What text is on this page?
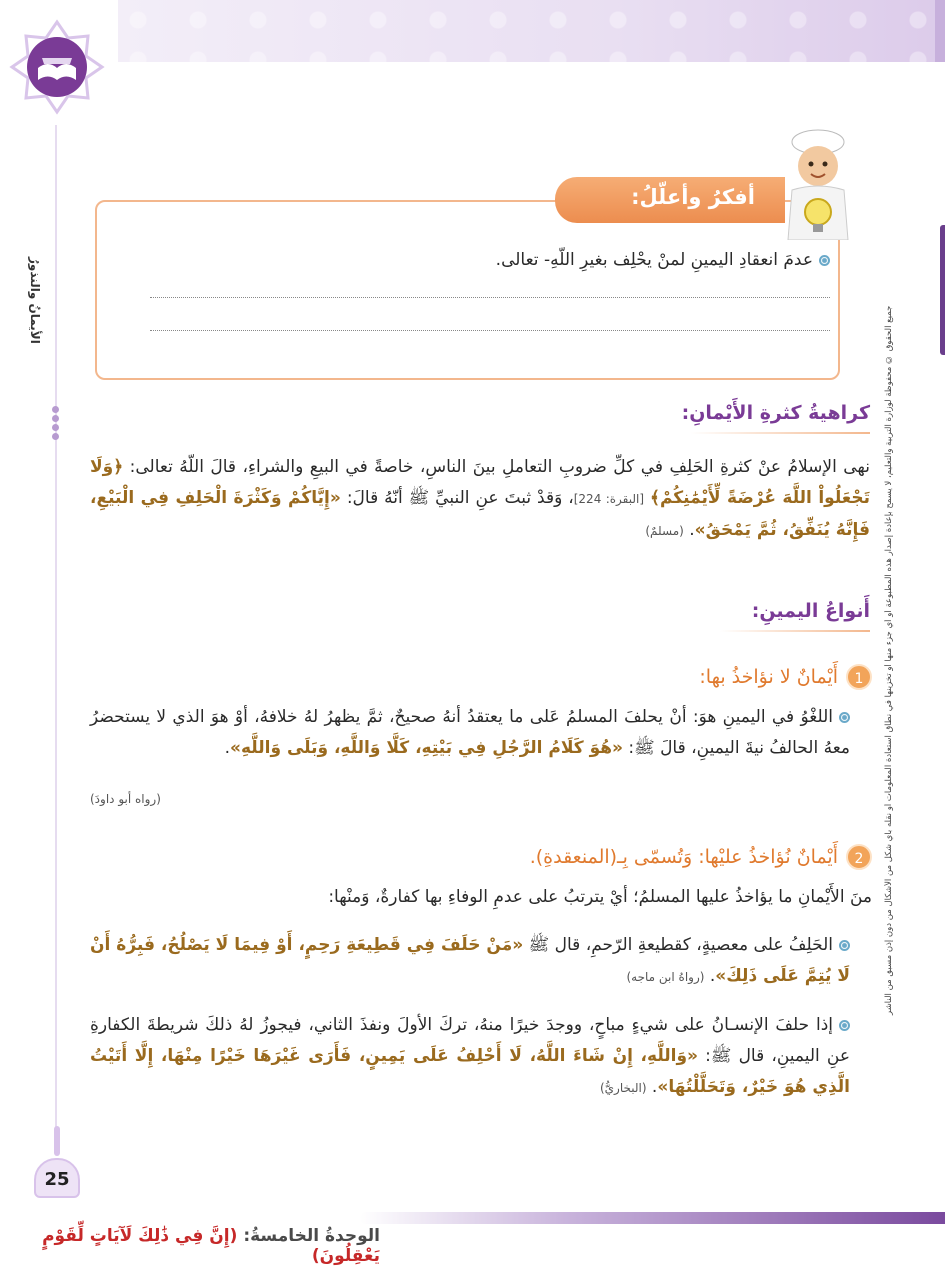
الأيمانُ والنذورُ
جميع الحقوق © محفوظة لوزارة التربية والتعليم، لا يسمح بإعادة إصدار هذه المطبوعة أو أي جزء منها أو تخزينها في نطاق استعادة المعلومات أو نقله بأي شكل من الأشكال من دون إذن مسبق من الناشر
أفكرُ وأعلّلُ:
عدمَ انعقادِ اليمينِ لمنْ يحْلِف بغيرِ اللّهِ- تعالى.
كراهيةُ كثرةِ الأَيْمانِ:
نهى الإسلامُ عنْ كثرةِ الحَلِفِ في كلِّ ضروبِ التعاملِ بينَ الناسِ، خاصةً في البيعِ والشراءِ، قالَ اللّهُ تعالى: ﴿وَلَا تَجْعَلُواْ اللَّهَ عُرْضَةً لِّأَيْمَٰنِكُمْ﴾ [البقرة: 224]، وَقدْ ثبتَ عنِ النبيِّ ﷺ أنّهُ قالَ: «إِيَّاكُمْ وَكَثْرَةَ الْحَلِفِ فِي الْبَيْعِ، فَإِنَّهُ يُنَفِّقُ، ثُمَّ يَمْحَقُ». (مسلمٌ)
أَنواعُ اليمينِ:
1أَيْمانٌ لا نؤاخذُ بها:
اللغْوُ في اليمينِ هوَ: أنْ يحلفَ المسلمُ عَلى ما يعتقدُ أنهُ صحيحٌ، ثمَّ يظهرُ لهُ خلافهُ، أوْ هوَ الذي لا يستحضرُ معهُ الحالفُ نيةَ اليمينِ، قالَ ﷺ: «هُوَ كَلَامُ الرَّجُلِ فِي بَيْتِهِ، كَلَّا وَاللَّهِ، وَبَلَى وَاللَّهِ».
(رواه أبو داودَ)
2أَيْمانٌ نُؤاخذُ عليْها: وَتُسمّى بِـ(المنعقدةِ).
منَ الأَيْمانِ ما يؤاخذُ عليها المسلمُ؛ أيْ يترتبُ على عدمِ الوفاءِ بها كفارةٌ، وَمنْها:
الحَلِفُ على معصيةٍ، كقطيعةِ الرّحمِ، قال ﷺ «مَنْ حَلَفَ فِي قَطِيعَةِ رَحِمٍ، أَوْ فِيمَا لَا يَصْلُحُ، فَبِرُّهُ أَنْ لَا يُتِمَّ عَلَى ذَلِكَ». (رواهُ ابن ماجه)
إذا حلفَ الإنسـانُ على شيءٍ مباحٍ، ووجدَ خيرًا منهُ، تركَ الأولَ ونفذَ الثاني، فيجوزُ لهُ ذلكَ شريطةَ الكفارةِ عنِ اليمينِ، قال ﷺ: «وَاللَّهِ، إِنْ شَاءَ اللَّهُ، لَا أَحْلِفُ عَلَى يَمِينٍ، فَأَرَى غَيْرَهَا خَيْرًا مِنْهَا، إِلَّا أَتَيْتُ الَّذِي هُوَ خَيْرٌ، وَتَحَلَّلْتُهَا». (البخاريُّ)
25
الوحدةُ الخامسةُ: (إِنَّ فِي ذَٰلِكَ لَآيَاتٍ لِّقَوْمٍ يَعْقِلُونَ)
